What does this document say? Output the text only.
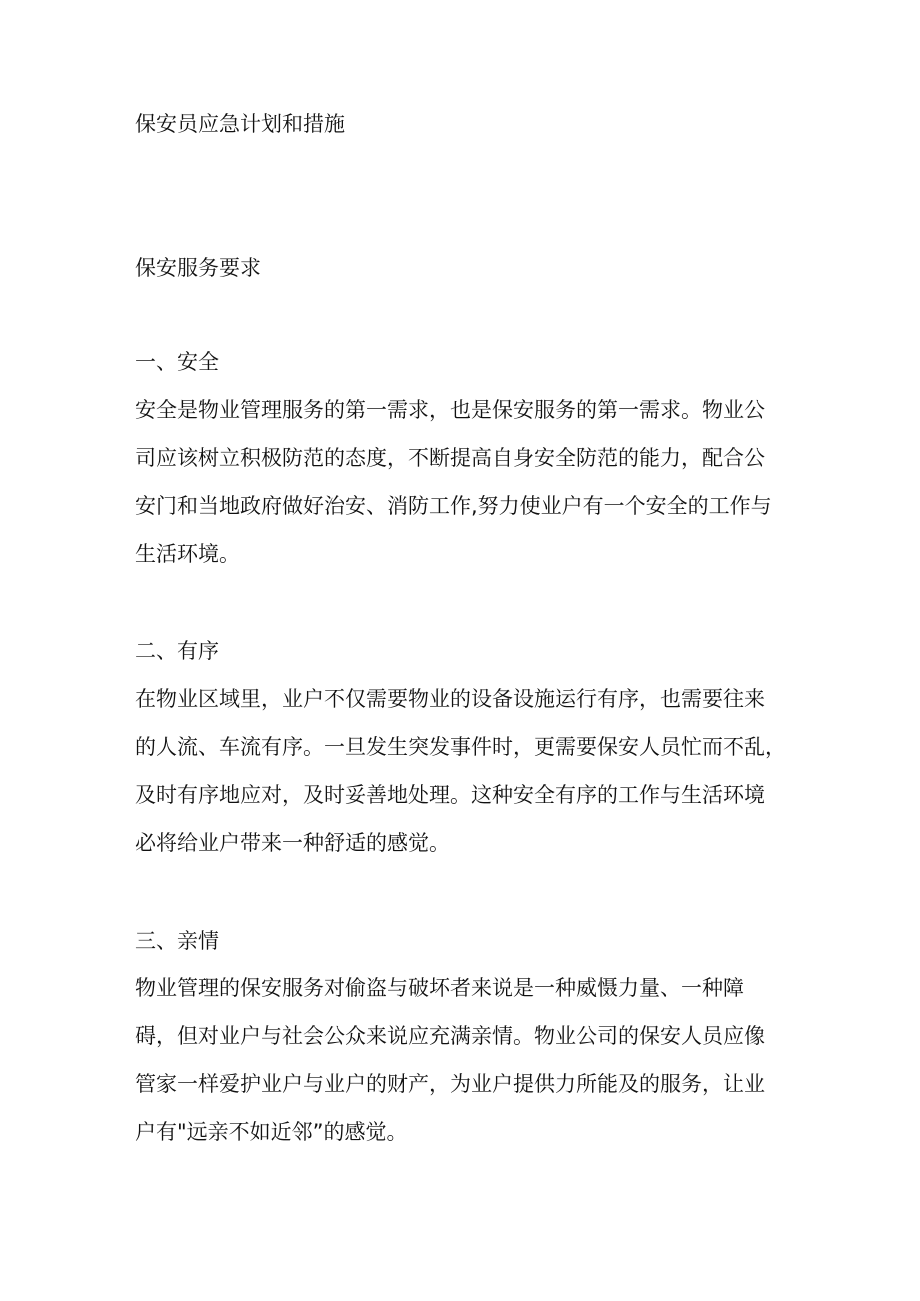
保安员应急计划和措施

保安服务要求

一、安全

安全是物业管理服务的第一需求，也是保安服务的第一需求。物业公

司应该树立积极防范的态度，不断提高自身安全防范的能力，配合公

安门和当地政府做好治安、消防工作,努力使业户有一个安全的工作与

生活环境。

二、有序

在物业区域里，业户不仅需要物业的设备设施运行有序，也需要往来

的人流、车流有序。一旦发生突发事件时，更需要保安人员忙而不乱，

及时有序地应对，及时妥善地处理。这种安全有序的工作与生活环境

必将给业户带来一种舒适的感觉。

三、亲情

物业管理的保安服务对偷盗与破坏者来说是一种威慑力量、一种障

碍，但对业户与社会公众来说应充满亲情。物业公司的保安人员应像

管家一样爱护业户与业户的财产，为业户提供力所能及的服务，让业

户有"远亲不如近邻”的感觉。
